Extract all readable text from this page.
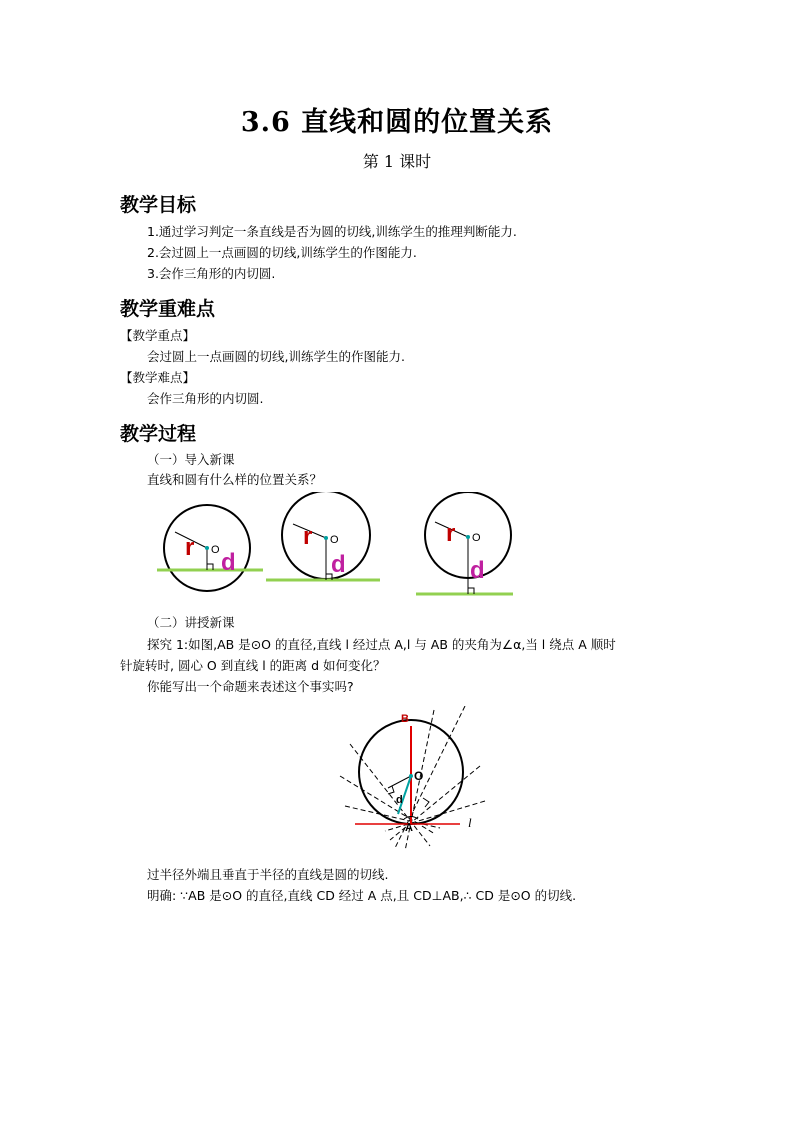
3.6 直线和圆的位置关系
第 1 课时
教学目标
1.通过学习判定一条直线是否为圆的切线,训练学生的推理判断能力.
2.会过圆上一点画圆的切线,训练学生的作图能力.
3.会作三角形的内切圆.
教学重难点
【教学重点】
会过圆上一点画圆的切线,训练学生的作图能力.
【教学难点】
会作三角形的内切圆.
教学过程
（一）导入新课
直线和圆有什么样的位置关系？
r O d
r O
d
r O
d
（二）讲授新课
探究 1:如图,AB 是⊙O 的直径,直线 l 经过点 A,l 与 AB 的夹角为∠α,当 l 绕点 A 顺时
针旋转时, 圆心 O 到直线 l 的距离 d 如何变化？
你能写出一个命题来表述这个事实吗?
B
O
d
A	l
过半径外端且垂直于半径的直线是圆的切线.
明确: ∵AB 是⊙O 的直径,直线 CD 经过 A 点,且 CD⊥AB,∴ CD 是⊙O 的切线.
